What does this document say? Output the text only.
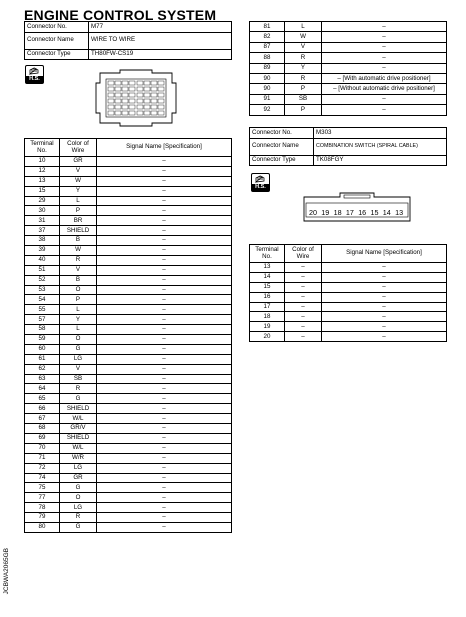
ENGINE CONTROL SYSTEM
Connector No.	M77
Connector Name	WIRE TO WIRE
Connector Type	TH80FW-CS19
H.S.
Terminal No.	Color of Wire	Signal Name [Specification]
10	GR	–
12	V	–
13	W	–
15	Y	–
29	L	–
30	P	–
31	BR	–
37	SHIELD	–
38	B	–
39	W	–
40	R	–
51	V	–
52	B	–
53	O	–
54	P	–
55	L	–
57	Y	–
58	L	–
59	O	–
60	G	–
61	LG	–
62	V	–
63	SB	–
64	R	–
65	G	–
66	SHIELD	–
67	W/L	–
68	GR/V	–
69	SHIELD	–
70	W/L	–
71	W/R	–
72	LG	–
74	GR	–
75	G	–
77	O	–
78	LG	–
79	R	–
80	G	–
81	L	–
82	W	–
87	V	–
88	R	–
89	Y	–
90	R	– [With automatic drive positioner]
90	P	– [Without automatic drive positioner]
91	SB	–
92	P	–
Connector No.	M303
Connector Name	COMBINATION SWITCH (SPIRAL CABLE)
Connector Type	TK08FGY
H.S.
20 19 18 17 16 15 14 13
Terminal No.	Color of Wire	Signal Name [Specification]
13	–	–
14	–	–
15	–	–
16	–	–
17	–	–
18	–	–
19	–	–
20	–	–
JCBWA2065GB
